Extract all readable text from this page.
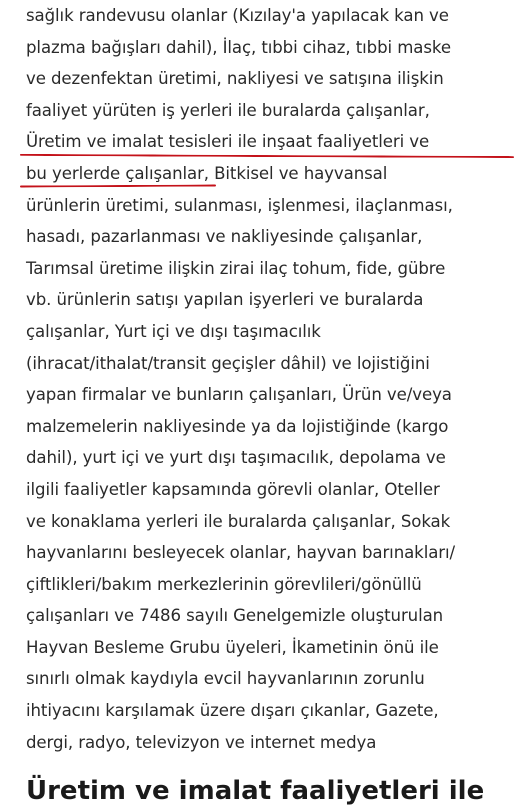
sağlık randevusu olanlar (Kızılay'a yapılacak kan ve

plazma bağışları dahil), İlaç, tıbbi cihaz, tıbbi maske

ve dezenfektan üretimi, nakliyesi ve satışına ilişkin

faaliyet yürüten iş yerleri ile buralarda çalışanlar,

Üretim ve imalat tesisleri ile inşaat faaliyetleri ve

bu yerlerde çalışanlar, Bitkisel ve hayvansal

ürünlerin üretimi, sulanması, işlenmesi, ilaçlanması,

hasadı, pazarlanması ve nakliyesinde çalışanlar,

Tarımsal üretime ilişkin zirai ilaç tohum, fide, gübre

vb. ürünlerin satışı yapılan işyerleri ve buralarda

çalışanlar, Yurt içi ve dışı taşımacılık

(ihracat/ithalat/transit geçişler dâhil) ve lojistiğini

yapan firmalar ve bunların çalışanları, Ürün ve/veya

malzemelerin nakliyesinde ya da lojistiğinde (kargo

dahil), yurt içi ve yurt dışı taşımacılık, depolama ve

ilgili faaliyetler kapsamında görevli olanlar, Oteller

ve konaklama yerleri ile buralarda çalışanlar, Sokak

hayvanlarını besleyecek olanlar, hayvan barınakları/

çiftlikleri/bakım merkezlerinin görevlileri/gönüllü

çalışanları ve 7486 sayılı Genelgemizle oluşturulan

Hayvan Besleme Grubu üyeleri, İkametinin önü ile

sınırlı olmak kaydıyla evcil hayvanlarının zorunlu

ihtiyacını karşılamak üzere dışarı çıkanlar, Gazete,

dergi, radyo, televizyon ve internet medya

Üretim ve imalat faaliyetleri ile
